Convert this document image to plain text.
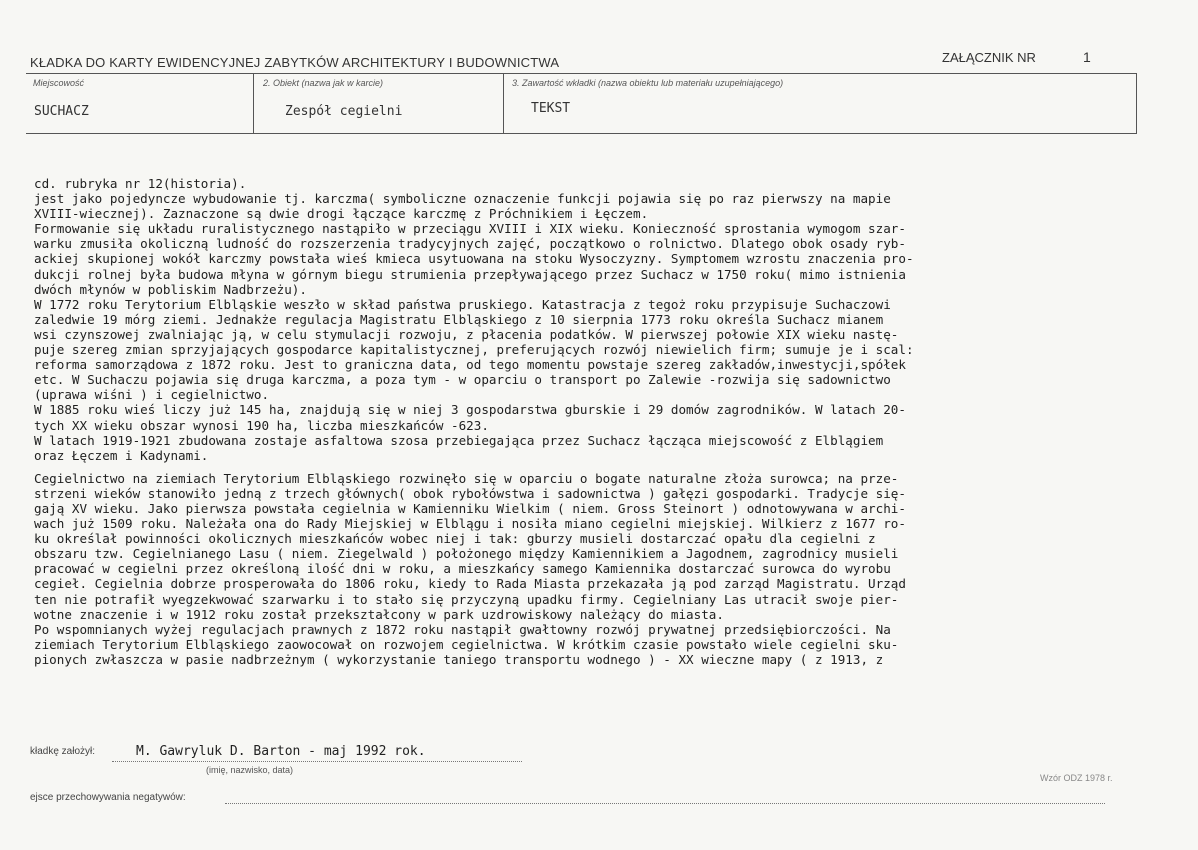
KŁADKA DO KARTY EWIDENCYJNEJ ZABYTKÓW ARCHITEKTURY I BUDOWNICTWA	ZAŁĄCZNIK NR	1
Miejscowość
SUCHACZ
2. Obiekt (nazwa jak w karcie)
Zespół cegielni
3. Zawartość wkładki (nazwa obiektu lub materiału uzupełniającego)
TEKST
cd. rubryka nr 12(historia).
jest jako pojedyncze wybudowanie tj. karczma( symboliczne oznaczenie funkcji pojawia się po raz pierwszy na mapie
XVIII-wiecznej). Zaznaczone są dwie drogi łączące karczmę z Próchnikiem i Łęczem.
Formowanie się układu ruralistycznego nastąpiło w przeciągu XVIII i XIX wieku. Konieczność sprostania wymogom szar-
warku zmusiła okoliczną ludność do rozszerzenia tradycyjnych zajęć, początkowo o rolnictwo. Dlatego obok osady ryb-
ackiej skupionej wokół karczmy powstała wieś kmieca usytuowana na stoku Wysoczyzny. Symptomem wzrostu znaczenia pro-
dukcji rolnej była budowa młyna w górnym biegu strumienia przepływającego przez Suchacz w 1750 roku( mimo istnienia
dwóch młynów w pobliskim Nadbrzeżu).
W 1772 roku Terytorium Elbląskie weszło w skład państwa pruskiego. Katastracja z tegoż roku przypisuje Suchaczowi
zaledwie 19 mórg ziemi. Jednakże regulacja Magistratu Elbląskiego z 10 sierpnia 1773 roku określa Suchacz mianem
wsi czynszowej zwalniając ją, w celu stymulacji rozwoju, z płacenia podatków. W pierwszej połowie XIX wieku nastę-
puje szereg zmian sprzyjających gospodarce kapitalistycznej, preferujących rozwój niewielich firm; sumuje je i scal:
reforma samorządowa z 1872 roku. Jest to graniczna data, od tego momentu powstaje szereg zakładów,inwestycji,spółek
etc. W Suchaczu pojawia się druga karczma, a poza tym - w oparciu o transport po Zalewie -rozwija się sadownictwo
(uprawa wiśni ) i cegielnictwo.
W 1885 roku wieś liczy już 145 ha, znajdują się w niej 3 gospodarstwa gburskie i 29 domów zagrodników. W latach 20-
tych XX wieku obszar wynosi 190 ha, liczba mieszkańców -623.
W latach 1919-1921 zbudowana zostaje asfaltowa szosa przebiegająca przez Suchacz łącząca miejscowość z Elblągiem
oraz Łęczem i Kadynami.
Cegielnictwo na ziemiach Terytorium Elbląskiego rozwinęło się w oparciu o bogate naturalne złoża surowca; na prze-
strzeni wieków stanowiło jedną z trzech głównych( obok rybołówstwa i sadownictwa ) gałęzi gospodarki. Tradycje się-
gają XV wieku. Jako pierwsza powstała cegielnia w Kamienniku Wielkim ( niem. Gross Steinort ) odnotowywana w archi-
wach już 1509 roku. Należała ona do Rady Miejskiej w Elblągu i nosiła miano cegielni miejskiej. Wilkierz z 1677 ro-
ku określał powinności okolicznych mieszkańców wobec niej i tak: gburzy musieli dostarczać opału dla cegielni z
obszaru tzw. Cegielnianego Lasu ( niem. Ziegelwald ) położonego między Kamiennikiem a Jagodnem, zagrodnicy musieli
pracować w cegielni przez określoną ilość dni w roku, a mieszkańcy samego Kamiennika dostarczać surowca do wyrobu
cegieł. Cegielnia dobrze prosperowała do 1806 roku, kiedy to Rada Miasta przekazała ją pod zarząd Magistratu. Urząd
ten nie potrafił wyegzekwować szarwarku i to stało się przyczyną upadku firmy. Cegielniany Las utracił swoje pier-
wotne znaczenie i w 1912 roku został przekształcony w park uzdrowiskowy należący do miasta.
Po wspomnianych wyżej regulacjach prawnych z 1872 roku nastąpił gwałtowny rozwój prywatnej przedsiębiorczości. Na
ziemiach Terytorium Elbląskiego zaowocował on rozwojem cegielnictwa. W krótkim czasie powstało wiele cegielni sku-
pionych zwłaszcza w pasie nadbrzeżnym ( wykorzystanie taniego transportu wodnego ) - XX wieczne mapy ( z 1913, z
kładkę założył:	M. Gawryluk D. Barton - maj 1992 rok.
(imię, nazwisko, data)
Wzór ODZ 1978 r.
ejsce przechowywania negatywów:
